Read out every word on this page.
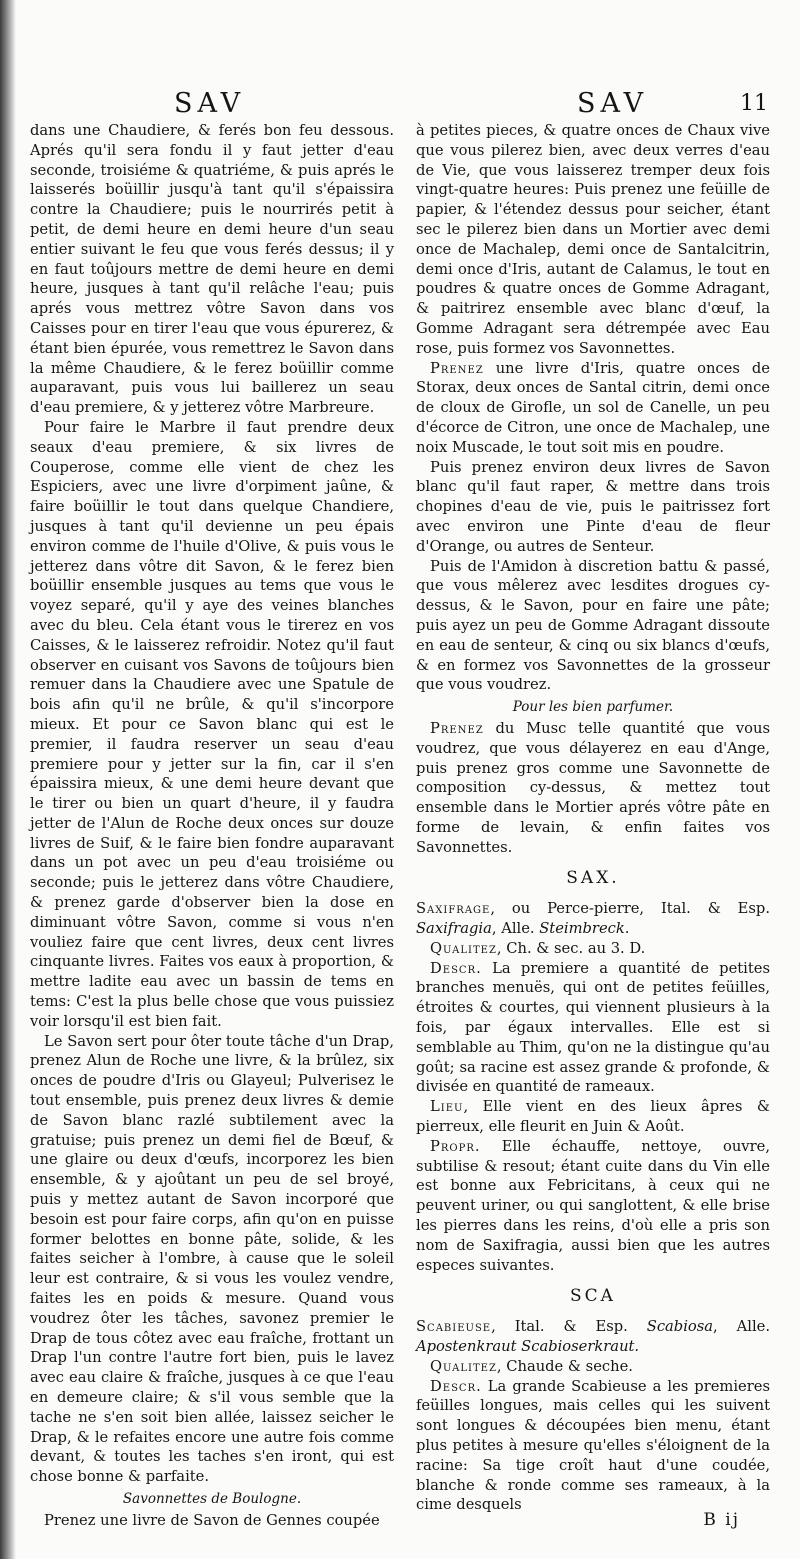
SAV	SAV	11

dans une Chaudiere, & ferés bon feu dessous. Aprés qu'il sera fondu il y faut jetter d'eau seconde, troisiéme & quatriéme, & puis aprés le laisserés boüillir jusqu'à tant qu'il s'épaissira contre la Chaudiere; puis le nourrirés petit à petit, de demi heure en demi heure d'un seau entier suivant le feu que vous ferés dessus; il y en faut toûjours mettre de demi heure en demi heure, jusques à tant qu'il relâche l'eau; puis aprés vous mettrez vôtre Savon dans vos Caisses pour en tirer l'eau que vous épurerez, & étant bien épurée, vous remettrez le Savon dans la même Chaudiere, & le ferez boüillir comme auparavant, puis vous lui baillerez un seau d'eau premiere, & y jetterez vôtre Marbreure.

Pour faire le Marbre il faut prendre deux seaux d'eau premiere, & six livres de Couperose, comme elle vient de chez les Espiciers, avec une livre d'orpiment jaûne, & faire boüillir le tout dans quelque Chandiere, jusques à tant qu'il devienne un peu épais environ comme de l'huile d'Olive, & puis vous le jetterez dans vôtre dit Savon, & le ferez bien boüillir ensemble jusques au tems que vous le voyez separé, qu'il y aye des veines blanches avec du bleu. Cela étant vous le tirerez en vos Caisses, & le laisserez refroidir. Notez qu'il faut observer en cuisant vos Savons de toûjours bien remuer dans la Chaudiere avec une Spatule de bois afin qu'il ne brûle, & qu'il s'incorpore mieux. Et pour ce Savon blanc qui est le premier, il faudra reserver un seau d'eau premiere pour y jetter sur la fin, car il s'en épaissira mieux, & une demi heure devant que le tirer ou bien un quart d'heure, il y faudra jetter de l'Alun de Roche deux onces sur douze livres de Suif, & le faire bien fondre auparavant dans un pot avec un peu d'eau troisiéme ou seconde; puis le jetterez dans vôtre Chaudiere, & prenez garde d'observer bien la dose en diminuant vôtre Savon, comme si vous n'en vouliez faire que cent livres, deux cent livres cinquante livres. Faites vos eaux à proportion, & mettre ladite eau avec un bassin de tems en tems: C'est la plus belle chose que vous puissiez voir lorsqu'il est bien fait.

Le Savon sert pour ôter toute tâche d'un Drap, prenez Alun de Roche une livre, & la brûlez, six onces de poudre d'Iris ou Glayeul; Pulverisez le tout ensemble, puis prenez deux livres & demie de Savon blanc razlé subtilement avec la gratuise; puis prenez un demi fiel de Bœuf, & une glaire ou deux d'œufs, incorporez les bien ensemble, & y ajoûtant un peu de sel broyé, puis y mettez autant de Savon incorporé que besoin est pour faire corps, afin qu'on en puisse former belottes en bonne pâte, solide, & les faites seicher à l'ombre, à cause que le soleil leur est contraire, & si vous les voulez vendre, faites les en poids & mesure. Quand vous voudrez ôter les tâches, savonez premier le Drap de tous côtez avec eau fraîche, frottant un Drap l'un contre l'autre fort bien, puis le lavez avec eau claire & fraîche, jusques à ce que l'eau en demeure claire; & s'il vous semble que la tache ne s'en soit bien allée, laissez seicher le Drap, & le refaites encore une autre fois comme devant, & toutes les taches s'en iront, qui est chose bonne & parfaite.

Savonnettes de Boulogne.

Prenez une livre de Savon de Gennes coupée

à petites pieces, & quatre onces de Chaux vive que vous pilerez bien, avec deux verres d'eau de Vie, que vous laisserez tremper deux fois vingt-quatre heures: Puis prenez une feüille de papier, & l'étendez dessus pour seicher, étant sec le pilerez bien dans un Mortier avec demi once de Machalep, demi once de Santalcitrin, demi once d'Iris, autant de Calamus, le tout en poudres & quatre onces de Gomme Adragant, & paitrirez ensemble avec blanc d'œuf, la Gomme Adragant sera détrempée avec Eau rose, puis formez vos Savonnettes.

Prenez une livre d'Iris, quatre onces de Storax, deux onces de Santal citrin, demi once de cloux de Girofle, un sol de Canelle, un peu d'écorce de Citron, une once de Machalep, une noix Muscade, le tout soit mis en poudre.

Puis prenez environ deux livres de Savon blanc qu'il faut raper, & mettre dans trois chopines d'eau de vie, puis le paitrissez fort avec environ une Pinte d'eau de fleur d'Orange, ou autres de Senteur.

Puis de l'Amidon à discretion battu & passé, que vous mêlerez avec lesdites drogues cy-dessus, & le Savon, pour en faire une pâte; puis ayez un peu de Gomme Adragant dissoute en eau de senteur, & cinq ou six blancs d'œufs, & en formez vos Savonnettes de la grosseur que vous voudrez.

Pour les bien parfumer.

Prenez du Musc telle quantité que vous voudrez, que vous délayerez en eau d'Ange, puis prenez gros comme une Savonnette de composition cy-dessus, & mettez tout ensemble dans le Mortier aprés vôtre pâte en forme de levain, & enfin faites vos Savonnettes.

SAX.

Saxifrage, ou Perce-pierre, Ital. & Esp. Saxifragia, Alle. Steimbreck.

Qualitez, Ch. & sec. au 3. D.

Descr. La premiere a quantité de petites branches menuës, qui ont de petites feüilles, étroites & courtes, qui viennent plusieurs à la fois, par égaux intervalles. Elle est si semblable au Thim, qu'on ne la distingue qu'au goût; sa racine est assez grande & profonde, & divisée en quantité de rameaux.

Lieu, Elle vient en des lieux âpres & pierreux, elle fleurit en Juin & Août.

Propr. Elle échauffe, nettoye, ouvre, subtilise & resout; étant cuite dans du Vin elle est bonne aux Febricitans, à ceux qui ne peuvent uriner, ou qui sanglottent, & elle brise les pierres dans les reins, d'où elle a pris son nom de Saxifragia, aussi bien que les autres especes suivantes.

SCA

Scabieuse, Ital. & Esp. Scabiosa, Alle. Apostenkraut Scabioserkraut.

Qualitez, Chaude & seche.

Descr. La grande Scabieuse a les premieres feüilles longues, mais celles qui les suivent sont longues & découpées bien menu, étant plus petites à mesure qu'elles s'éloignent de la racine: Sa tige croît haut d'une coudée, blanche & ronde comme ses rameaux, à la cime desquels

B ij
